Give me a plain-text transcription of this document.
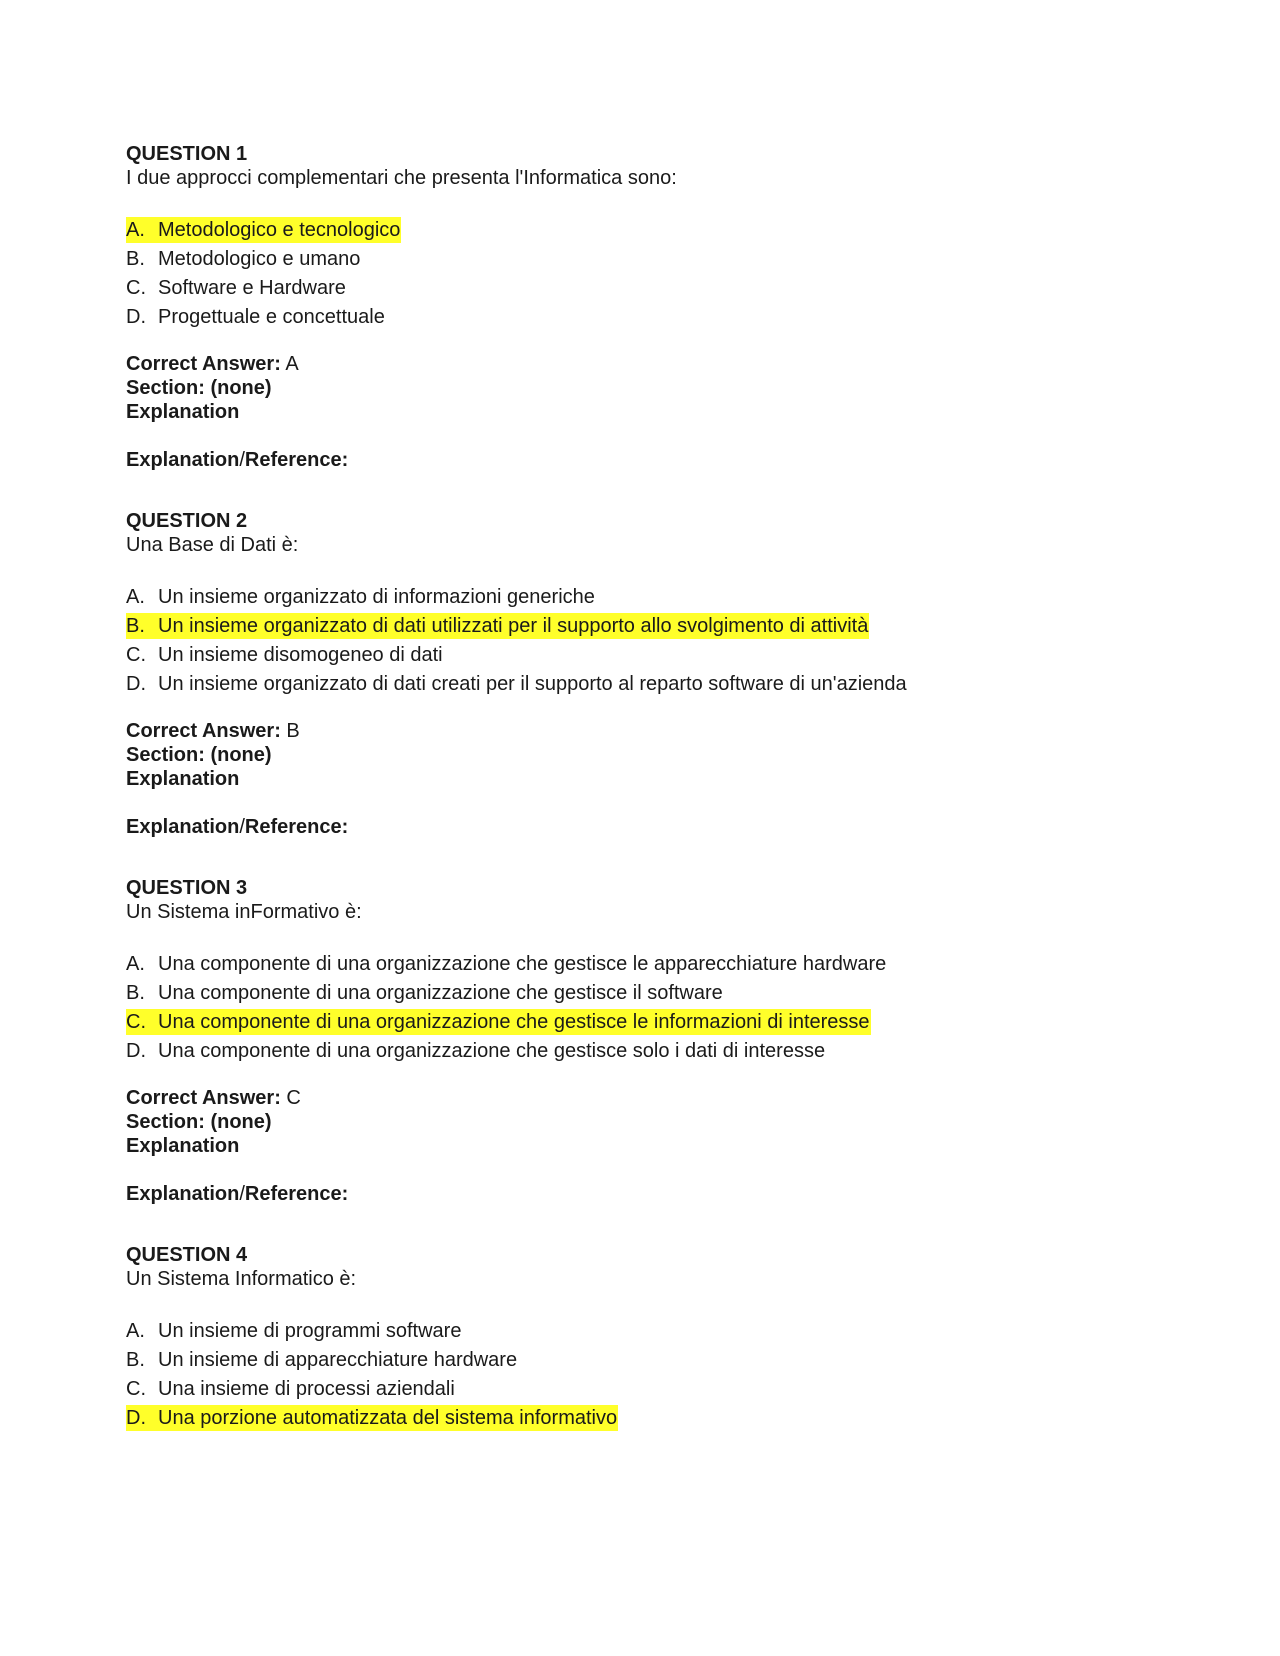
QUESTION 1
I due approcci complementari che presenta l'Informatica sono:
A. Metodologico e tecnologico
B. Metodologico e umano
C. Software e Hardware
D. Progettuale e concettuale
Correct Answer: A
Section: (none)
Explanation
Explanation/Reference:
QUESTION 2
Una Base di Dati è:
A. Un insieme organizzato di informazioni generiche
B. Un insieme organizzato di dati utilizzati per il supporto allo svolgimento di attività
C. Un insieme disomogeneo di dati
D. Un insieme organizzato di dati creati per il supporto al reparto software di un'azienda
Correct Answer: B
Section: (none)
Explanation
Explanation/Reference:
QUESTION 3
Un Sistema inFormativo è:
A. Una componente di una organizzazione che gestisce le apparecchiature hardware
B. Una componente di una organizzazione che gestisce il software
C. Una componente di una organizzazione che gestisce le informazioni di interesse
D. Una componente di una organizzazione che gestisce solo i dati di interesse
Correct Answer: C
Section: (none)
Explanation
Explanation/Reference:
QUESTION 4
Un Sistema Informatico è:
A. Un insieme di programmi software
B. Un insieme di apparecchiature hardware
C. Una insieme di processi aziendali
D. Una porzione automatizzata del sistema informativo
